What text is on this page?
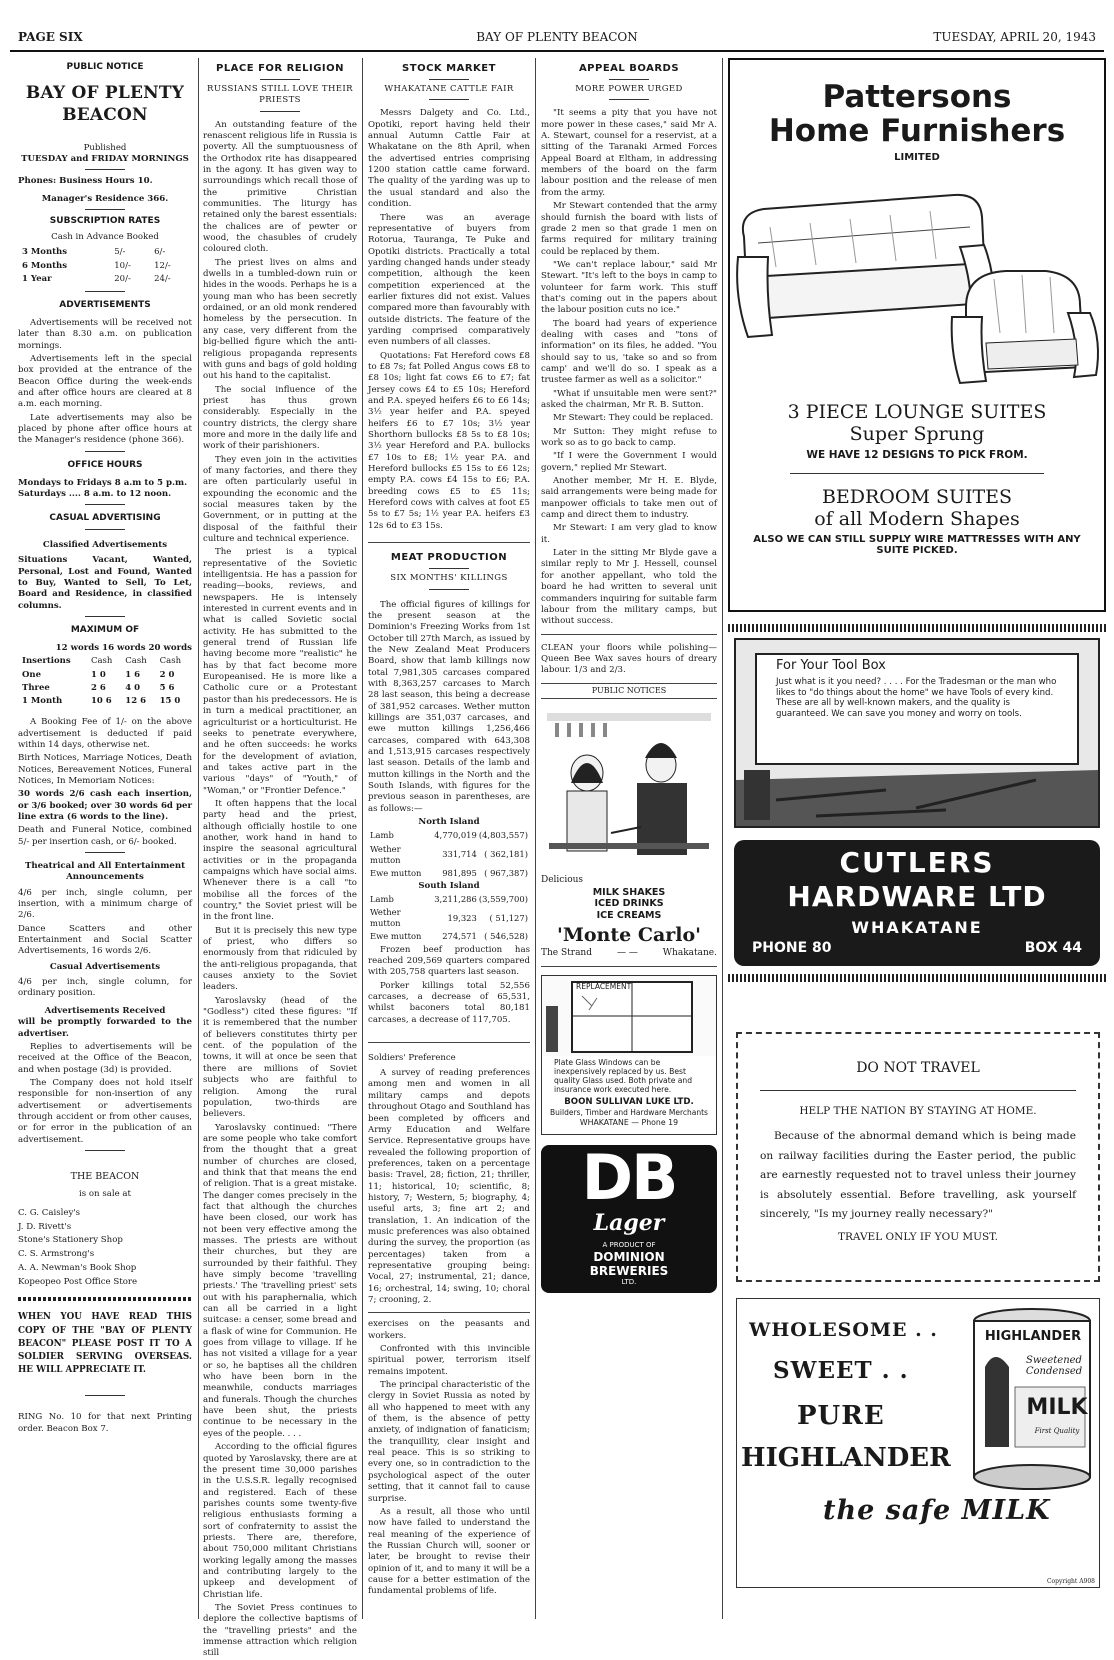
PAGE SIX	BAY OF PLENTY BEACON	TUESDAY, APRIL 20, 1943
PUBLIC NOTICE
BAY OF PLENTY BEACON
Published
TUESDAY and FRIDAY MORNINGS
Phones: Business Hours 10.
Manager's Residence 366.
SUBSCRIPTION RATES
Cash in Advance Booked
3 Months	5/-	6/-
6 Months	10/-	12/-
1 Year	20/-	24/-
ADVERTISEMENTS
Advertisements will be received not later than 8.30 a.m. on publication mornings.
Advertisements left in the special box provided at the entrance of the Beacon Office during the week-ends and after office hours are cleared at 8 a.m. each morning.
Late advertisements may also be placed by phone after office hours at the Manager's residence (phone 366).
OFFICE HOURS
Mondays to Fridays 8 a.m to 5 p.m.
Saturdays .... 8 a.m. to 12 noon.
CASUAL ADVERTISING
Classified Advertisements
Situations Vacant, Wanted, Personal, Lost and Found, Wanted to Buy, Wanted to Sell, To Let, Board and Residence, in classified columns.
MAXIMUM OF
12 words 16 words 20 words
Insertions	Cash	Cash	Cash
One	1 0	1 6	2 0
Three	2 6	4 0	5 6
1 Month	10 6	12 6	15 0
A Booking Fee of 1/- on the above advertisement is deducted if paid within 14 days, otherwise net.
Birth Notices, Marriage Notices, Death Notices, Bereavement Notices, Funeral Notices, In Memoriam Notices:
30 words 2/6 cash each insertion, or 3/6 booked; over 30 words 6d per line extra (6 words to the line).
Death and Funeral Notice, combined 5/- per insertion cash, or 6/- booked.
Theatrical and All Entertainment Announcements
4/6 per inch, single column, per insertion, with a minimum charge of 2/6.
Dance Scatters and other Entertainment and Social Scatter Advertisements, 16 words 2/6.
Casual Advertisements
4/6 per inch, single column, for ordinary position.
Advertisements Received
will be promptly forwarded to the advertiser.
Replies to advertisements will be received at the Office of the Beacon, and when postage (3d) is provided.
The Company does not hold itself responsible for non-insertion of any advertisement or advertisements through accident or from other causes, or for error in the publication of an advertisement.
THE BEACON
is on sale at
C. G. Caisley's
J. D. Rivett's
Stone's Stationery Shop
C. S. Armstrong's
A. A. Newman's Book Shop
Kopeopeo Post Office Store
WHEN YOU HAVE READ THIS COPY OF THE "BAY OF PLENTY BEACON" PLEASE POST IT TO A SOLDIER SERVING OVERSEAS. HE WILL APPRECIATE IT.
RING No. 10 for that next Printing order. Beacon Box 7.
PLACE FOR RELIGION
RUSSIANS STILL LOVE THEIR PRIESTS
An outstanding feature of the renascent religious life in Russia is poverty. All the sumptuousness of the Orthodox rite has disappeared in the agony. It has given way to surroundings which recall those of the primitive Christian communities. The liturgy has retained only the barest essentials: the chalices are of pewter or wood, the chasubles of crudely coloured cloth.
The priest lives on alms and dwells in a tumbled-down ruin or hides in the woods. Perhaps he is a young man who has been secretly ordained, or an old monk rendered homeless by the persecution. In any case, very different from the big-bellied figure which the anti-religious propaganda represents with guns and bags of gold holding out his hand to the capitalist.
The social influence of the priest has thus grown considerably. Especially in the country districts, the clergy share more and more in the daily life and work of their parishioners.
They even join in the activities of many factories, and there they are often particularly useful in expounding the economic and the social measures taken by the Government, or in putting at the disposal of the faithful their culture and technical experience.
The priest is a typical representative of the Sovietic intelligentsia. He has a passion for reading—books, reviews, and newspapers. He is intensely interested in current events and in what is called Sovietic social activity. He has submitted to the general trend of Russian life having become more "realistic" he has by that fact become more Europeanised. He is more like a Catholic cure or a Protestant pastor than his predecessors. He is in turn a medical practitioner, an agriculturist or a horticulturist. He seeks to penetrate everywhere, and he often succeeds: he works for the development of aviation, and takes active part in the various "days" of "Youth," of "Woman," or "Frontier Defence."
It often happens that the local party head and the priest, although officially hostile to one another, work hand in hand to inspire the seasonal agricultural activities or in the propaganda campaigns which have social aims. Whenever there is a call "to mobilise all the forces of the country," the Soviet priest will be in the front line.
But it is precisely this new type of priest, who differs so enormously from that ridiculed by the anti-religious propaganda, that causes anxiety to the Soviet leaders.
Yaroslavsky (head of the "Godless") cited these figures: "If it is remembered that the number of believers constitutes thirty per cent. of the population of the towns, it will at once be seen that there are millions of Soviet subjects who are faithful to religion. Among the rural population, two-thirds are believers.
Yaroslavsky continued: "There are some people who take comfort from the thought that a great number of churches are closed, and think that that means the end of religion. That is a great mistake. The danger comes precisely in the fact that although the churches have been closed, our work has not been very effective among the masses. The priests are without their churches, but they are surrounded by their faithful. They have simply become 'travelling priests.' The 'travelling priest' sets out with his paraphernalia, which can all be carried in a light suitcase: a censer, some bread and a flask of wine for Communion. He goes from village to village. If he has not visited a village for a year or so, he baptises all the children who have been born in the meanwhile, conducts marriages and funerals. Though the churches have been shut, the priests continue to be necessary in the eyes of the people. . . .
According to the official figures quoted by Yaroslavsky, there are at the present time 30,000 parishes in the U.S.S.R. legally recognised and registered. Each of these parishes counts some twenty-five religious enthusiasts forming a sort of confraternity to assist the priests. There are, therefore, about 750,000 militant Christians working legally among the masses and contributing largely to the upkeep and development of Christian life.
The Soviet Press continues to deplore the collective baptisms of the "travelling priests" and the immense attraction which religion still
STOCK MARKET
WHAKATANE CATTLE FAIR
Messrs Dalgety and Co. Ltd., Opotiki, report having held their annual Autumn Cattle Fair at Whakatane on the 8th April, when the advertised entries comprising 1200 station cattle came forward. The quality of the yarding was up to the usual standard and also the condition.
There was an average representative of buyers from Rotorua, Tauranga, Te Puke and Opotiki districts. Practically a total yarding changed hands under steady competition, although the keen competition experienced at the earlier fixtures did not exist. Values compared more than favourably with outside districts. The feature of the yarding comprised comparatively even numbers of all classes.
Quotations: Fat Hereford cows £8 to £8 7s; fat Polled Angus cows £8 to £8 10s; light fat cows £6 to £7; fat Jersey cows £4 to £5 10s; Hereford and P.A. speyed heifers £6 to £6 14s; 3½ year heifer and P.A. speyed heifers £6 to £7 10s; 3½ year Shorthorn bullocks £8 5s to £8 10s; 3½ year Hereford and P.A. bullocks £7 10s to £8; 1½ year P.A. and Hereford bullocks £5 15s to £6 12s; empty P.A. cows £4 15s to £6; P.A. breeding cows £5 to £5 11s; Hereford cows with calves at foot £5 5s to £7 5s; 1½ year P.A. heifers £3 12s 6d to £3 15s.
MEAT PRODUCTION
SIX MONTHS' KILLINGS
The official figures of killings for the present season at the Dominion's Freezing Works from 1st October till 27th March, as issued by the New Zealand Meat Producers Board, show that lamb killings now total 7,981,305 carcases compared with 8,363,257 carcases to March 28 last season, this being a decrease of 381,952 carcases. Wether mutton killings are 351,037 carcases, and ewe mutton killings 1,256,466 carcases, compared with 643,308 and 1,513,915 carcases respectively last season. Details of the lamb and mutton killings in the North and the South Islands, with figures for the previous season in parentheses, are as follows:—
North Island
Lamb	4,770,019	(4,803,557)
Wether mutton	331,714	( 362,181)
Ewe mutton	981,895	( 967,387)
South Island
Lamb	3,211,286	(3,559,700)
Wether mutton	19,323	( 51,127)
Ewe mutton	274,571	( 546,528)
Frozen beef production has reached 209,569 quarters compared with 205,758 quarters last season.
Porker killings total 52,556 carcases, a decrease of 65,531, whilst baconers total 80,181 carcases, a decrease of 117,705.
Soldiers' Preference
A survey of reading preferences among men and women in all military camps and depots throughout Otago and Southland has been completed by officers and Army Education and Welfare Service. Representative groups have revealed the following proportion of preferences, taken on a percentage basis: Travel, 28; fiction, 21; thriller, 11; historical, 10; scientific, 8; history, 7; Western, 5; biography, 4; useful arts, 3; fine art 2; and translation, 1. An indication of the music preferences was also obtained during the survey, the proportion (as percentages) taken from a representative grouping being: Vocal, 27; instrumental, 21; dance, 16; orchestral, 14; swing, 10; choral 7; crooning, 2.
exercises on the peasants and workers.
Confronted with this invincible spiritual power, terrorism itself remains impotent.
The principal characteristic of the clergy in Soviet Russia as noted by all who happened to meet with any of them, is the absence of petty anxiety, of indignation of fanaticism; the tranquillity, clear insight and real peace. This is so striking to every one, so in contradiction to the psychological aspect of the outer setting, that it cannot fail to cause surprise.
As a result, all those who until now have failed to understand the real meaning of the experience of the Russian Church will, sooner or later, be brought to revise their opinion of it, and to many it will be a cause for a better estimation of the fundamental problems of life.
APPEAL BOARDS
MORE POWER URGED
"It seems a pity that you have not more power in these cases," said Mr A. A. Stewart, counsel for a reservist, at a sitting of the Taranaki Armed Forces Appeal Board at Eltham, in addressing members of the board on the farm labour position and the release of men from the army.
Mr Stewart contended that the army should furnish the board with lists of grade 2 men so that grade 1 men on farms required for military training could be replaced by them.
"We can't replace labour," said Mr Stewart. "It's left to the boys in camp to volunteer for farm work. This stuff that's coming out in the papers about the labour position cuts no ice."
The board had years of experience dealing with cases and "tons of information" on its files, he added. "You should say to us, 'take so and so from camp' and we'll do so. I speak as a trustee farmer as well as a solicitor."
"What if unsuitable men were sent?" asked the chairman, Mr R. B. Sutton.
Mr Stewart: They could be replaced.
Mr Sutton: They might refuse to work so as to go back to camp.
"If I were the Government I would govern," replied Mr Stewart.
Another member, Mr H. E. Blyde, said arrangements were being made for manpower officials to take men out of camp and direct them to industry.
Mr Stewart: I am very glad to know it.
Later in the sitting Mr Blyde gave a similar reply to Mr J. Hessell, counsel for another appellant, who told the board he had written to several unit commanders inquiring for suitable farm labour from the military camps, but without success.
CLEAN your floors while polishing—Queen Bee Wax saves hours of dreary labour. 1/3 and 2/3.
PUBLIC NOTICES
Delicious
MILK SHAKES
ICED DRINKS
ICE CREAMS
'Monte Carlo'
The Strand	— —	Whakatane.
REPLACEMENT
Plate Glass Windows can be inexpensively replaced by us. Best quality Glass used. Both private and insurance work executed here.
BOON SULLIVAN LUKE LTD.
Builders, Timber and Hardware Merchants
WHAKATANE — Phone 19
DB
Lager
A PRODUCT OF
DOMINION
BREWERIES
LTD.
Pattersons
Home Furnishers
LIMITED
3 PIECE LOUNGE SUITES
Super Sprung
WE HAVE 12 DESIGNS TO PICK FROM.
BEDROOM SUITES
of all Modern Shapes
ALSO WE CAN STILL SUPPLY WIRE MATTRESSES WITH ANY SUITE PICKED.
For Your Tool Box
Just what is it you need? . . . . For the Tradesman or the man who likes to "do things about the home" we have Tools of every kind. These are all by well-known makers, and the quality is guaranteed. We can save you money and worry on tools.
CUTLERS
HARDWARE LTD
WHAKATANE
PHONE 80	BOX 44
DO NOT TRAVEL
HELP THE NATION BY STAYING AT HOME.
Because of the abnormal demand which is being made on railway facilities during the Easter period, the public are earnestly requested not to travel unless their journey is absolutely essential. Before travelling, ask yourself sincerely, "Is my journey really necessary?"
TRAVEL ONLY IF YOU MUST.
WHOLESOME . .
SWEET . .
PURE
HIGHLANDER
the safe MILK
HIGHLANDER
Sweetened Condensed
MILK
First Quality
Copyright A908
